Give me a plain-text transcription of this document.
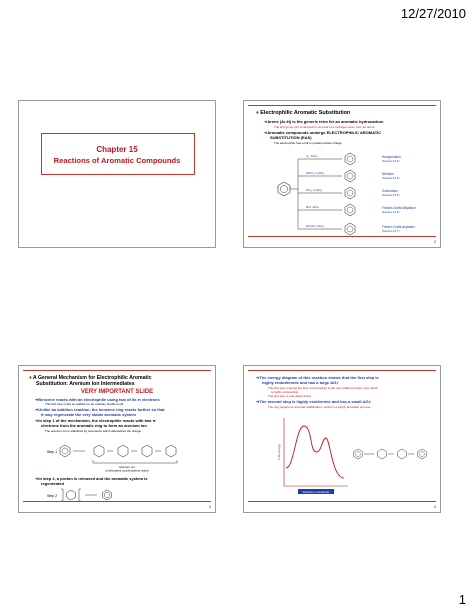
12/27/2010
Chapter 15
Reactions of Aromatic Compounds
♦ Electrophilic Aromatic Substitution
➜Arene (Ar-H) is the generic term for an aromatic hydrocarbon
The aryl group (Ar) is derived by removal of a hydrogen atom from an arene
➜Aromatic compounds undergo ELECTROPHILIC AROMATIC
SUBSTITUTION (EAS)
The electrophile has a full or partial positive charge
X₂, FeX₃
HNO₃, H₂SO₄
SO₃, H₂SO₄
RCl, AlCl₃
RCOCl, AlCl₃
Halogenation
(Section 15.3)
Nitration
(Section 15.4)
Sulfonation
(Section 15.5)
Friedel-Crafts Alkylation
(Section 15.6)
Friedel-Crafts Acylation
(Section 15.7)
2
♦ A General Mechanism for Electrophilic Aromatic
Substitution: Arenium Ion Intermediates
VERY IMPORTANT SLIDE
➜Benzene reacts with an electrophile using two of its π electrons
This first step is like an addition to an ordinary double bond
➜Unlike an addition reaction, the benzene ring reacts further so that
it may regenerate the very stable aromatic system
➜In step 1 of the mechanism, the electrophile reacts with two π
electrons from the aromatic ring to form an arenium ion
The arenium ion is stabilized by resonance which delocalizes the charge
Step 1
Arenium ion
(a delocalized cyclohexadienyl cation)
➜In step 2, a proton is removed and the aromatic system is
regenerated
Step 2
3
➜The energy diagram of this reaction shows that the first step is
highly endothermic and has a large ΔG‡
The first step requires the loss of aromaticity of the very stable benzene ring, which
is highly unfavorable
The first step is rate-determining
➜The second step is highly exothermic and has a small ΔG‡
The ring regains its aromatic stabilization, which is a highly favorable process
Free energy
Reaction coordinate
4
1
